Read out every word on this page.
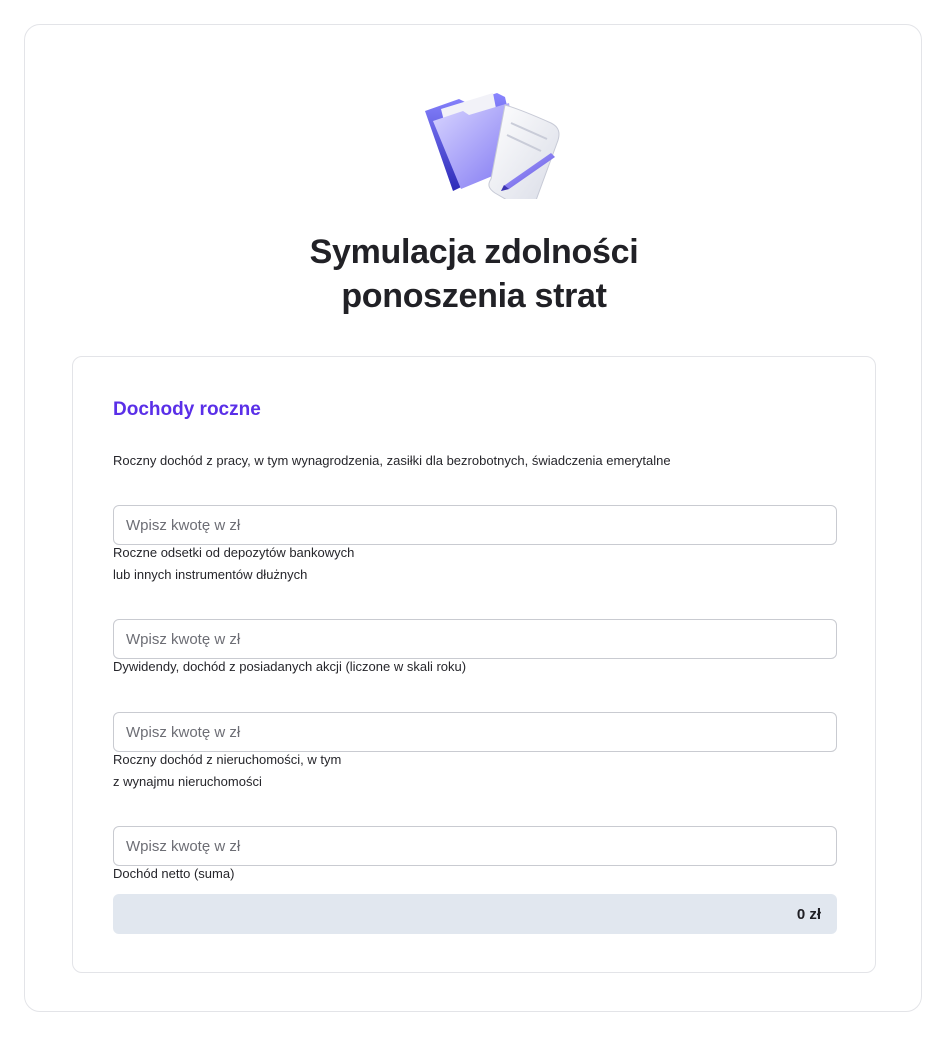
Symulacja zdolności
ponoszenia strat
Dochody roczne
Roczny dochód z pracy, w tym wynagrodzenia, zasiłki dla bezrobotnych, świadczenia emerytalne
Wpisz kwotę w zł
Roczne odsetki od depozytów bankowych
lub innych instrumentów dłużnych
Wpisz kwotę w zł
Dywidendy, dochód z posiadanych akcji (liczone w skali roku)
Wpisz kwotę w zł
Roczny dochód z nieruchomości, w tym
z wynajmu nieruchomości
Wpisz kwotę w zł
Dochód netto (suma)
0 zł
